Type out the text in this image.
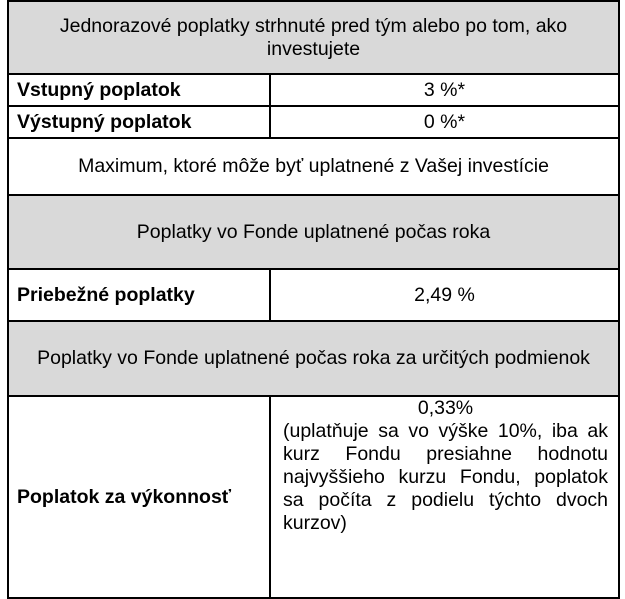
Jednorazové poplatky strhnuté pred tým alebo po tom, ako investujete	
Vstupný poplatok	3 %*
Výstupný poplatok	0 %*
Maximum, ktoré môže byť uplatnené z Vašej investície	
Poplatky vo Fonde uplatnené počas roka	
Priebežné poplatky	2,49 %
Poplatky vo Fonde uplatnené počas roka za určitých podmienok	
Poplatok za výkonnosť	0,33%
(uplatňuje sa vo výške 10%, iba ak kurz Fondu presiahne hodnotu najvyššieho kurzu Fondu, poplatok sa počíta z podielu týchto dvoch kurzov)
